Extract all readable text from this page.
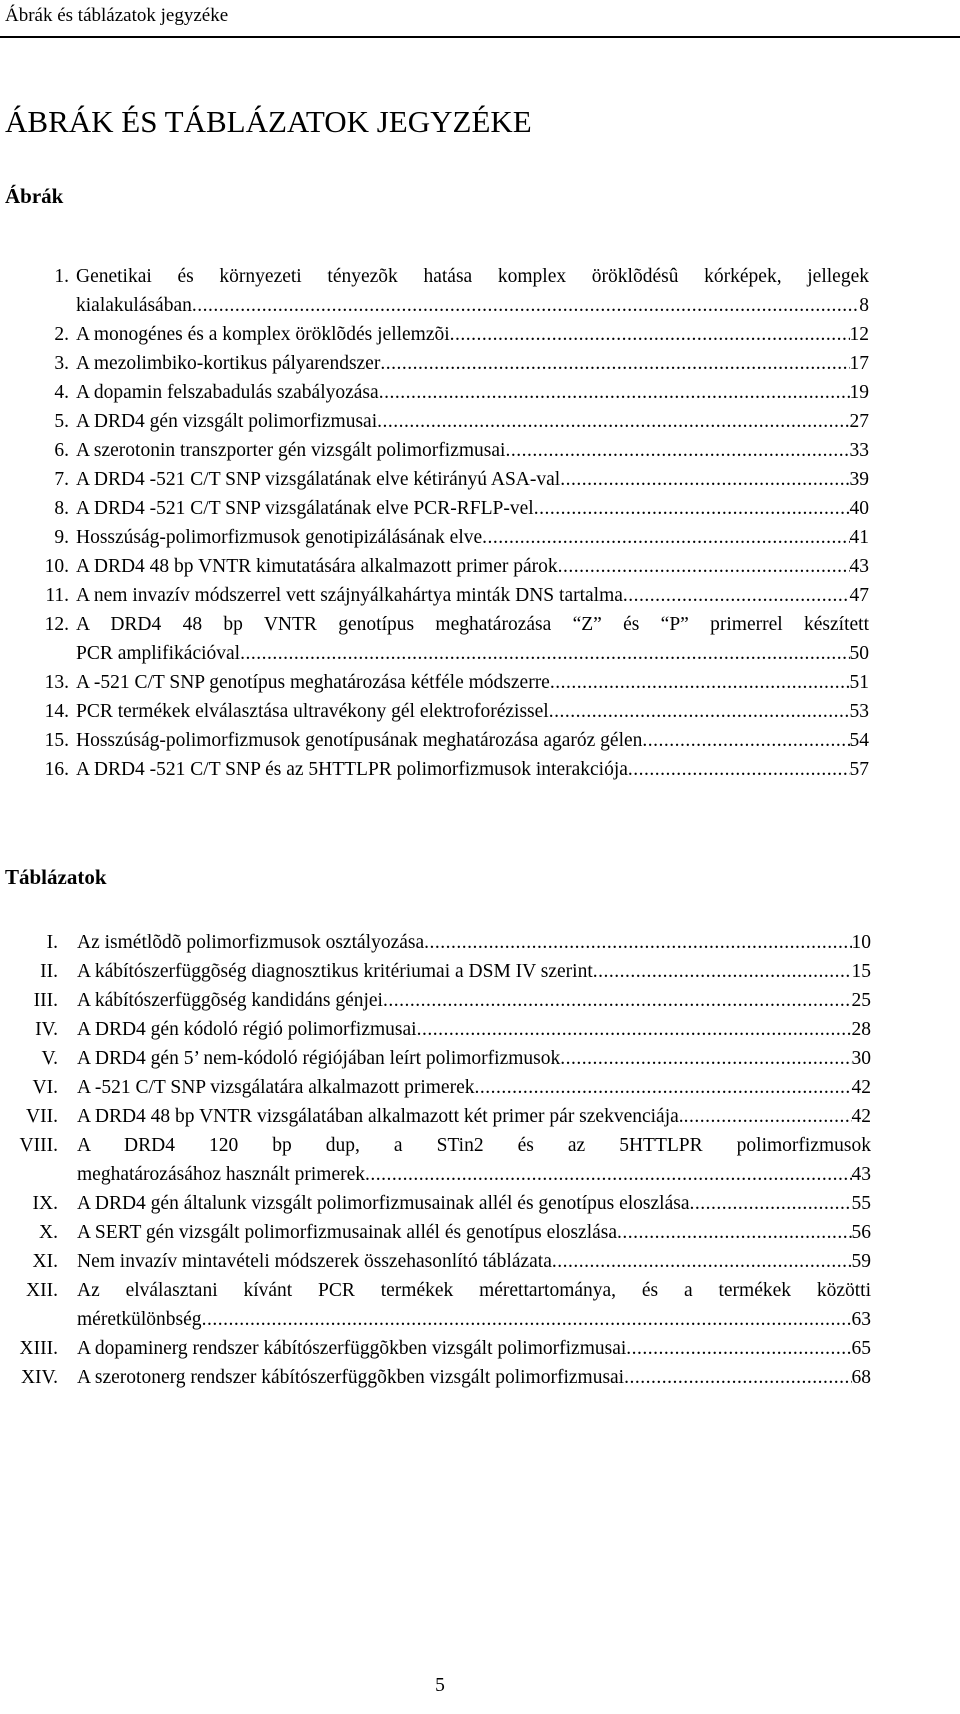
Ábrák és táblázatok jegyzéke
ÁBRÁK ÉS TÁBLÁZATOK JEGYZÉKE
Ábrák
1. Genetikai és környezeti tényezõk hatása komplex öröklõdésû kórképek, jellegek
kialakulásában .....	8
2. A monogénes és a komplex öröklõdés jellemzõi .....	12
3. A mezolimbiko-kortikus pályarendszer .....	17
4. A dopamin felszabadulás szabályozása .....	19
5. A DRD4 gén vizsgált polimorfizmusai .....	27
6. A szerotonin transzporter gén vizsgált polimorfizmusai .....	33
7. A DRD4 -521 C/T SNP vizsgálatának elve kétirányú ASA-val .....	39
8. A DRD4 -521 C/T SNP vizsgálatának elve PCR-RFLP-vel .....	40
9. Hosszúság-polimorfizmusok genotipizálásának elve .....	41
10. A DRD4 48 bp VNTR kimutatására alkalmazott primer párok .....	43
11. A nem invazív módszerrel vett szájnyálkahártya minták DNS tartalma .....	47
12. A DRD4 48 bp VNTR genotípus meghatározása “Z” és “P” primerrel készített
PCR amplifikációval .....	50
13. A -521 C/T SNP genotípus meghatározása kétféle módszerre .....	51
14. PCR termékek elválasztása ultravékony gél elektroforézissel .....	53
15. Hosszúság-polimorfizmusok genotípusának meghatározása agaróz gélen .....	54
16. A DRD4 -521 C/T SNP és az 5HTTLPR polimorfizmusok interakciója .....	57
Táblázatok
I. Az ismétlõdõ polimorfizmusok osztályozása .....	10
II. A kábítószerfüggõség diagnosztikus kritériumai a DSM IV szerint .....	15
III. A kábítószerfüggõség kandidáns génjei .....	25
IV. A DRD4 gén kódoló régió polimorfizmusai .....	28
V. A DRD4 gén 5’ nem-kódoló régiójában leírt polimorfizmusok .....	30
VI. A -521 C/T SNP vizsgálatára alkalmazott primerek .....	42
VII. A DRD4 48 bp VNTR vizsgálatában alkalmazott két primer pár szekvenciája. .....	42
VIII. A DRD4 120 bp dup, a STin2 és az 5HTTLPR polimorfizmusok
meghatározásához használt primerek .....	43
IX. A DRD4 gén általunk vizsgált polimorfizmusainak allél és genotípus eloszlása .....	55
X. A SERT gén vizsgált polimorfizmusainak allél és genotípus eloszlása .....	56
XI. Nem invazív mintavételi módszerek összehasonlító táblázata .....	59
XII. Az elválasztani kívánt PCR termékek mérettartománya, és a termékek közötti
méretkülönbség .....	63
XIII. A dopaminerg rendszer kábítószerfüggõkben vizsgált polimorfizmusai .....	65
XIV. A szerotonerg rendszer kábítószerfüggõkben vizsgált polimorfizmusai .....	68
5
